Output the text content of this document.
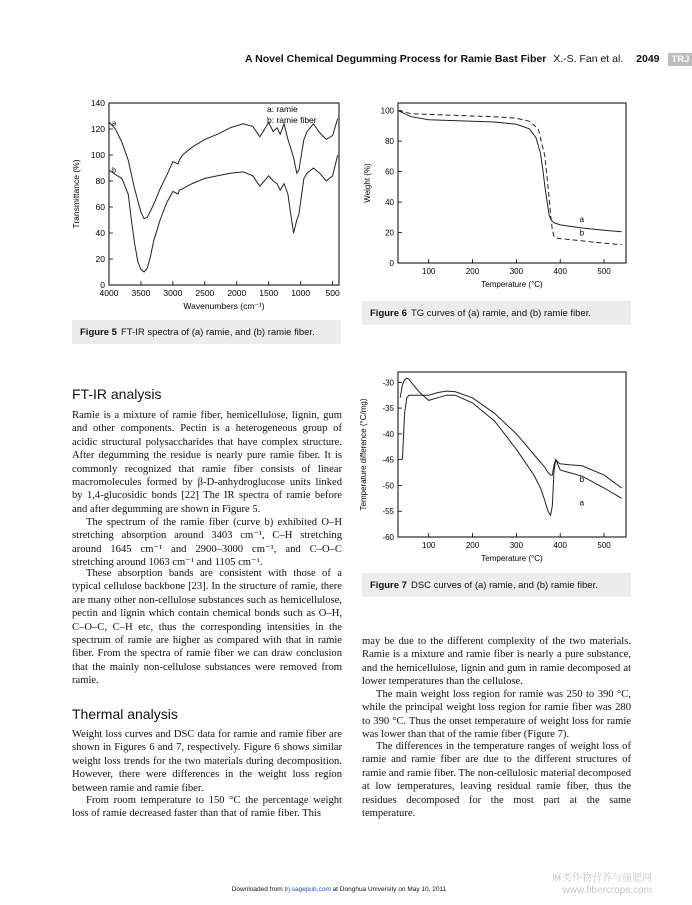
A Novel Chemical Degumming Process for Ramie Bast Fiber X.-S. Fan et al. 2049 TRJ
4000 3500 3000 2500 2000 1500 1000 500
0
20
40
60
80
100
120
140
Wavenumbers (cm⁻¹)
Transmittance (%)
a
b
a: ramie
b: ramie fiber
Figure 5 FT-IR spectra of (a) ramie, and (b) ramie fiber.
100	200	300	400	500
0
20
40
60
80
100
Temperature (°C)
Weight (%)
a
b
Figure 6 TG curves of (a) ramie, and (b) ramie fiber.
100	200	300	400	500
-60
-55
-50
-45
-40
-35
-30
Temperature (°C)
Temperature difference (°C/mg)	a
b
Figure 7 DSC curves of (a) ramie, and (b) ramie fiber.
FT-IR analysis

Ramie is a mixture of ramie fiber, hemicellulose, lignin, gum and other components. Pectin is a heterogeneous group of acidic structural polysaccharides that have complex structure. After degumming the residue is nearly pure ramie fiber. It is commonly recognized that ramie fiber consists of linear macromolecules formed by β-D-anhydroglucose units linked by 1,4-glucosidic bonds [22] The IR spectra of ramie before and after degumming are shown in Figure 5.

The spectrum of the ramie fiber (curve b) exhibited O–H stretching absorption around 3403 cm⁻¹, C–H stretching around 1645 cm⁻¹ and 2900–3000 cm⁻¹, and C–O–C stretching around 1063 cm⁻¹ and 1105 cm⁻¹.

These absorption bands are consistent with those of a typical cellulose backbone [23]. In the structure of ramie, there are many other non-cellulose substances such as hemicellulose, pectin and lignin which contain chemical bonds such as O–H, C–O–C, C–H etc, thus the corresponding intensities in the spectrum of ramie are higher as compared with that in ramie fiber. From the spectra of ramie fiber we can draw conclusion that the mainly non-cellulose substances were removed from ramie.

Thermal analysis

Weight loss curves and DSC data for ramie and ramie fiber are shown in Figures 6 and 7, respectively. Figure 6 shows similar weight loss trends for the two materials during decomposition. However, there were differences in the weight loss region between ramie and ramie fiber.

From room temperature to 150 °C the percentage weight loss of ramie decreased faster than that of ramie fiber. This

may be due to the different complexity of the two materials. Ramie is a mixture and ramie fiber is nearly a pure substance, and the hemicellulose, lignin and gum in ramie decomposed at lower temperatures than the cellulose.

The main weight loss region for ramie was 250 to 390 °C, while the principal weight loss region for ramie fiber was 280 to 390 °C. Thus the onset temperature of weight loss for ramie was lower than that of the ramie fiber (Figure 7).

The differences in the temperature ranges of weight loss of ramie and ramie fiber are due to the different structures of ramie and ramie fiber. The non-cellulosic material decomposed at low temperatures, leaving residual ramie fiber, thus the residues decomposed for the most part at the same temperature.

Downloaded from trj.sagepub.com at Donghua University on May 10, 2011
麻类作物营养与施肥网
www.fibercrops.com
